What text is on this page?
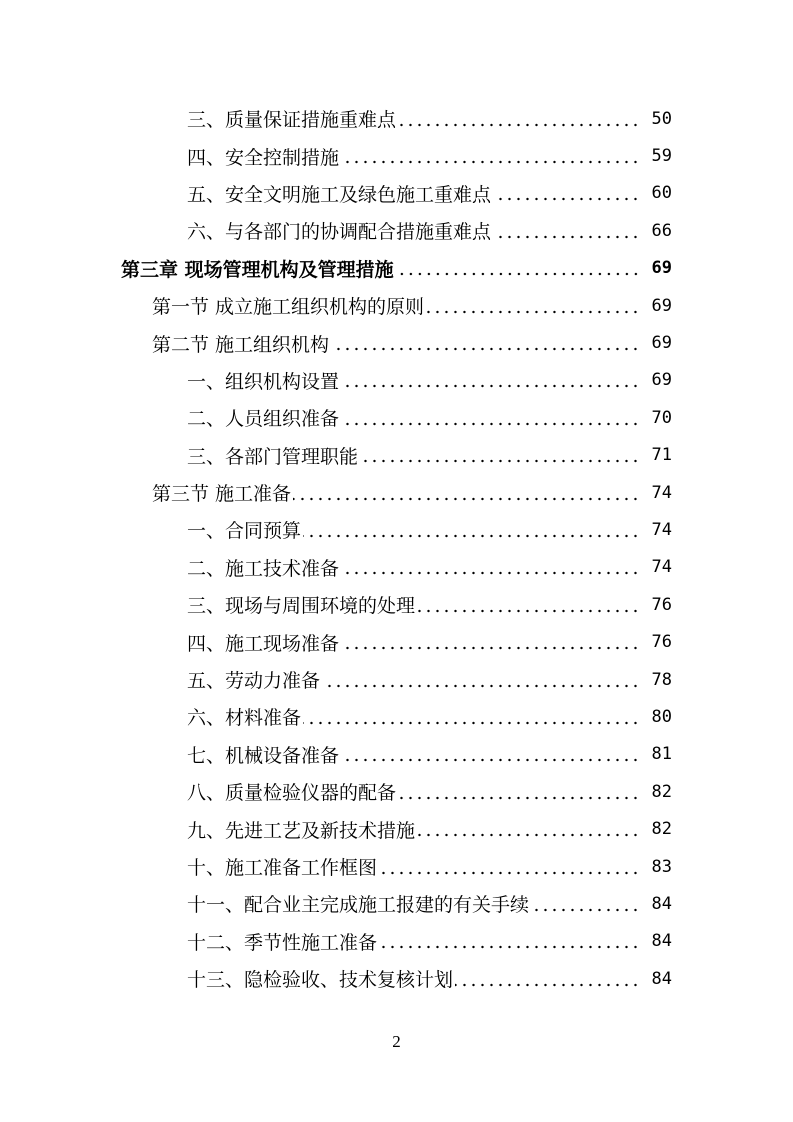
三、质量保证措施重难点	50
四、安全控制措施	59
五、安全文明施工及绿色施工重难点	60
六、与各部门的协调配合措施重难点	66
第三章 现场管理机构及管理措施	69
第一节 成立施工组织机构的原则	69
第二节 施工组织机构	69
一、组织机构设置	69
二、人员组织准备	70
三、各部门管理职能	71
第三节 施工准备	74
一、合同预算	74
二、施工技术准备	74
三、现场与周围环境的处理	76
四、施工现场准备	76
五、劳动力准备	78
六、材料准备	80
七、机械设备准备	81
八、质量检验仪器的配备	82
九、先进工艺及新技术措施	82
十、施工准备工作框图	83
十一、配合业主完成施工报建的有关手续	84
十二、季节性施工准备	84
十三、隐检验收、技术复核计划	84
2
